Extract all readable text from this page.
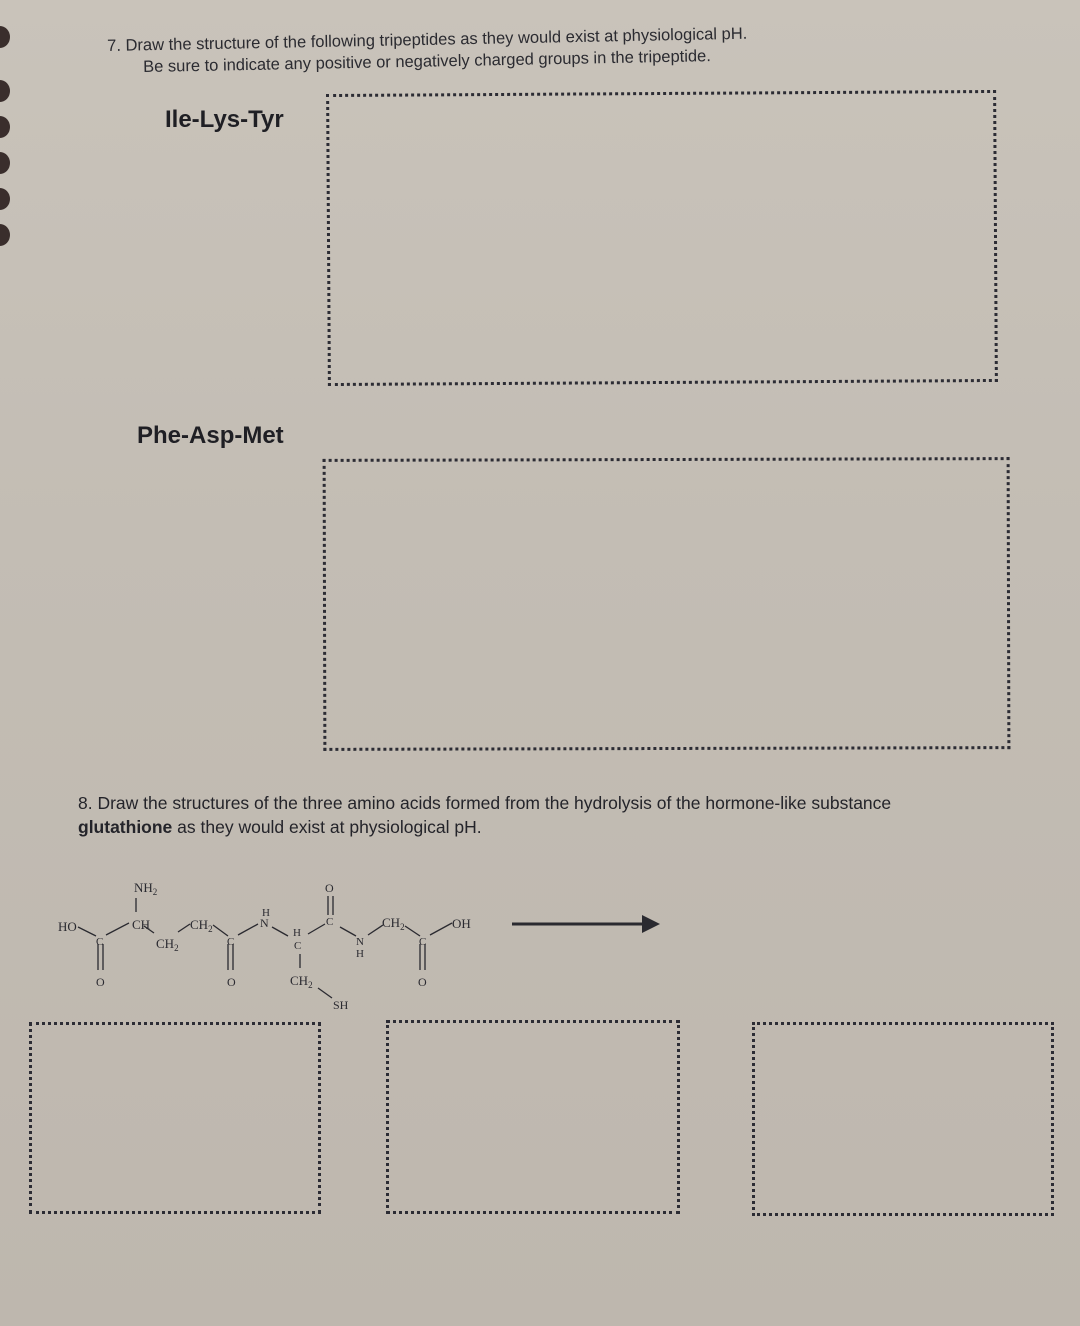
7. Draw the structure of the following tripeptides as they would exist at physiological pH.
Be sure to indicate any positive or negatively charged groups in the tripeptide.
Ile-Lys-Tyr
Phe-Asp-Met
8. Draw the structures of the three amino acids formed from the hydrolysis of the hormone-like substance
glutathione as they would exist at physiological pH.
$NH_2$
HO
C
O
CH
$CH_2$
$CH_2$
C
O
H
N
H
C
$CH_2$
SH
O
C
N
H
$CH_2$
C
O
OH
